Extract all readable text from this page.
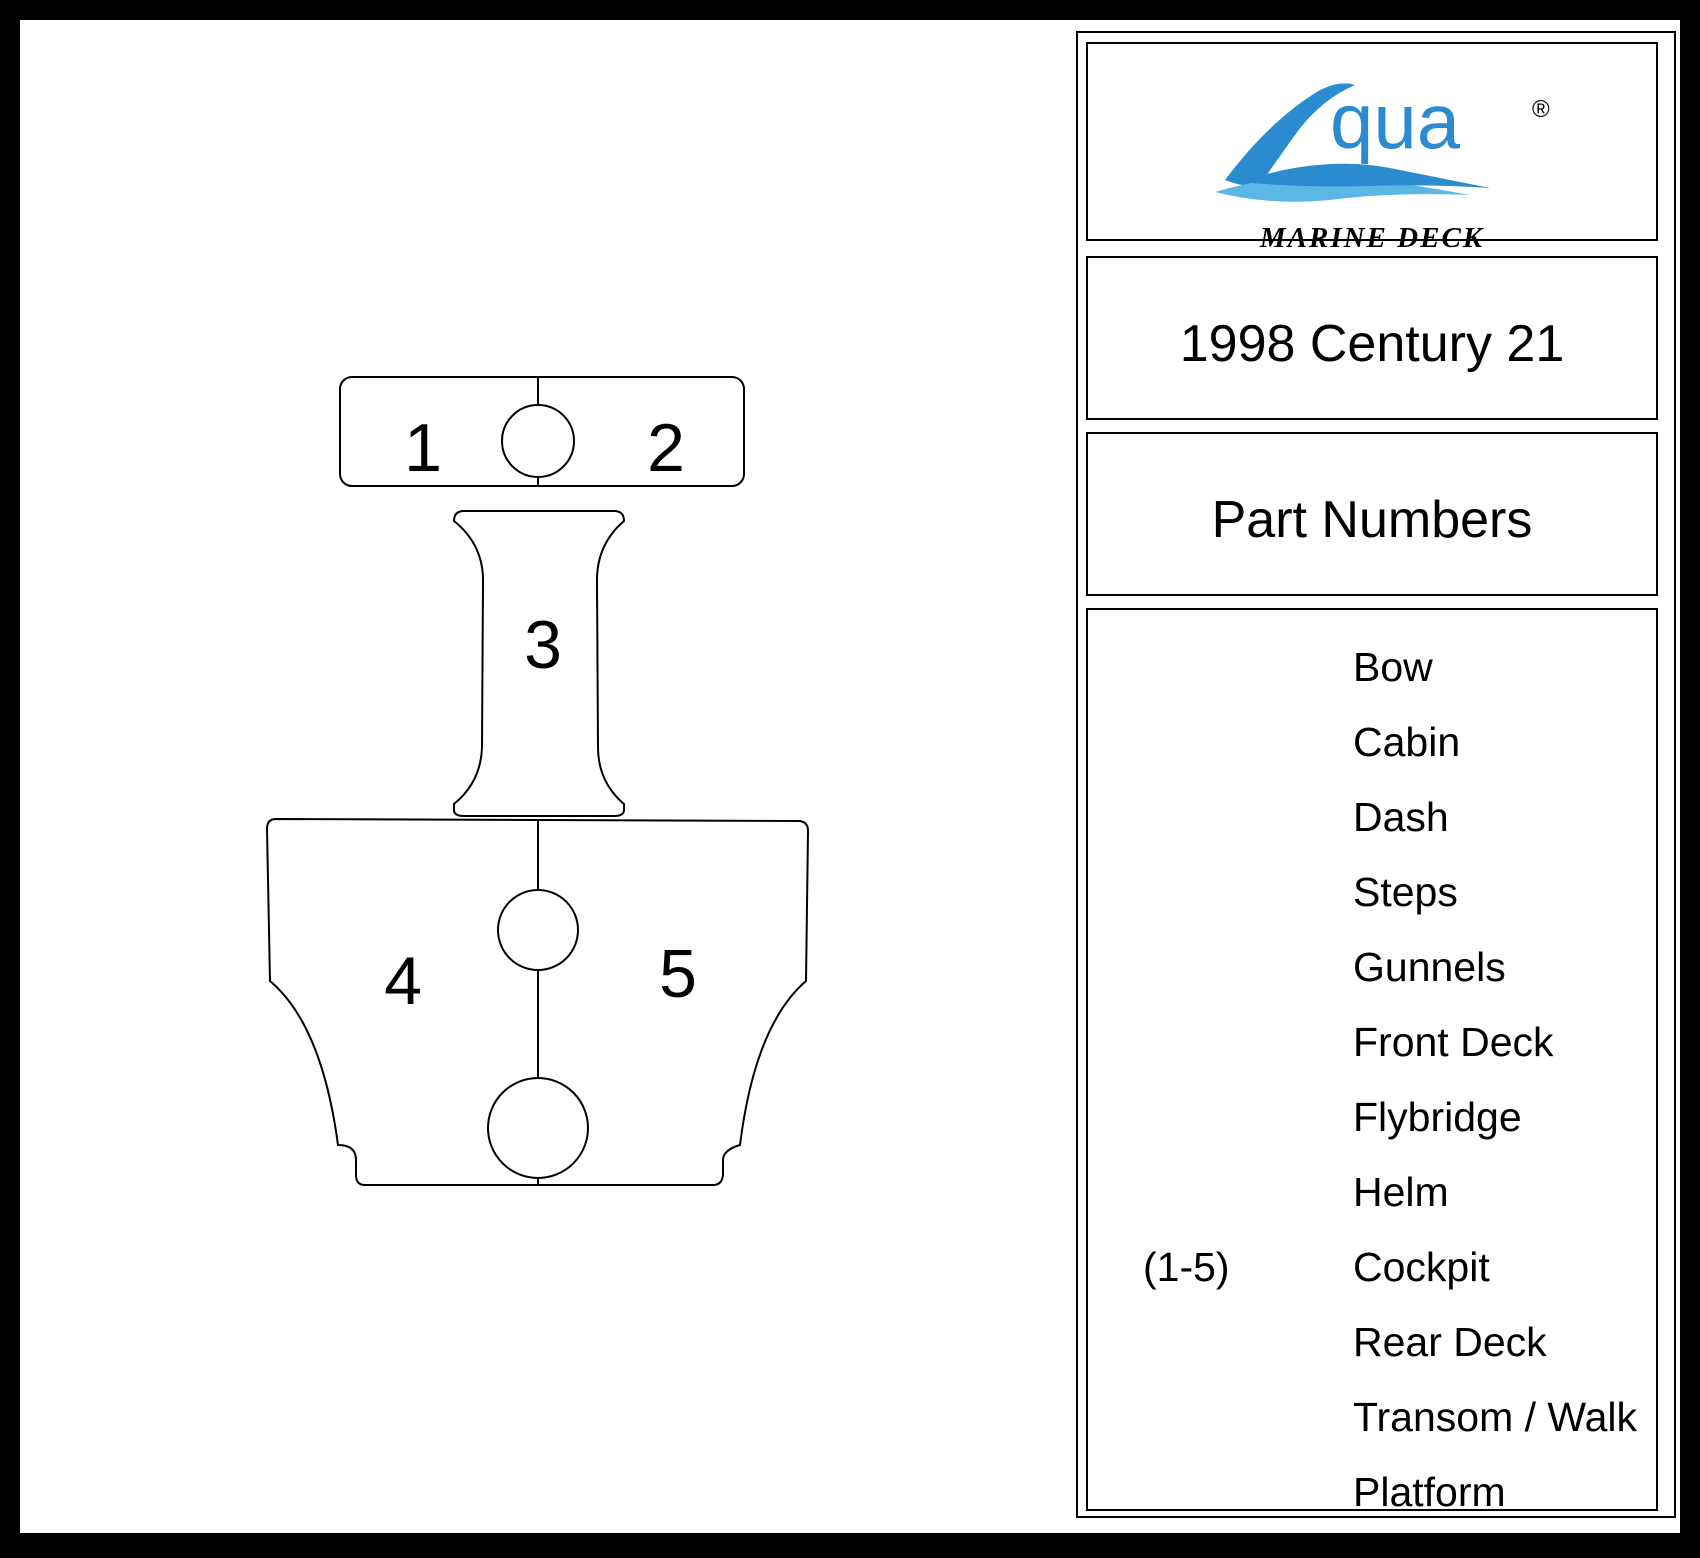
1	2
3
4	5
MARINE DECK
qua	®
1998 Century 21
Part Numbers
Bow
Cabin
Dash
Steps
Gunnels
Front Deck
Flybridge
Helm
(1-5)	Cockpit
Rear Deck
Transom / Walk
Platform
